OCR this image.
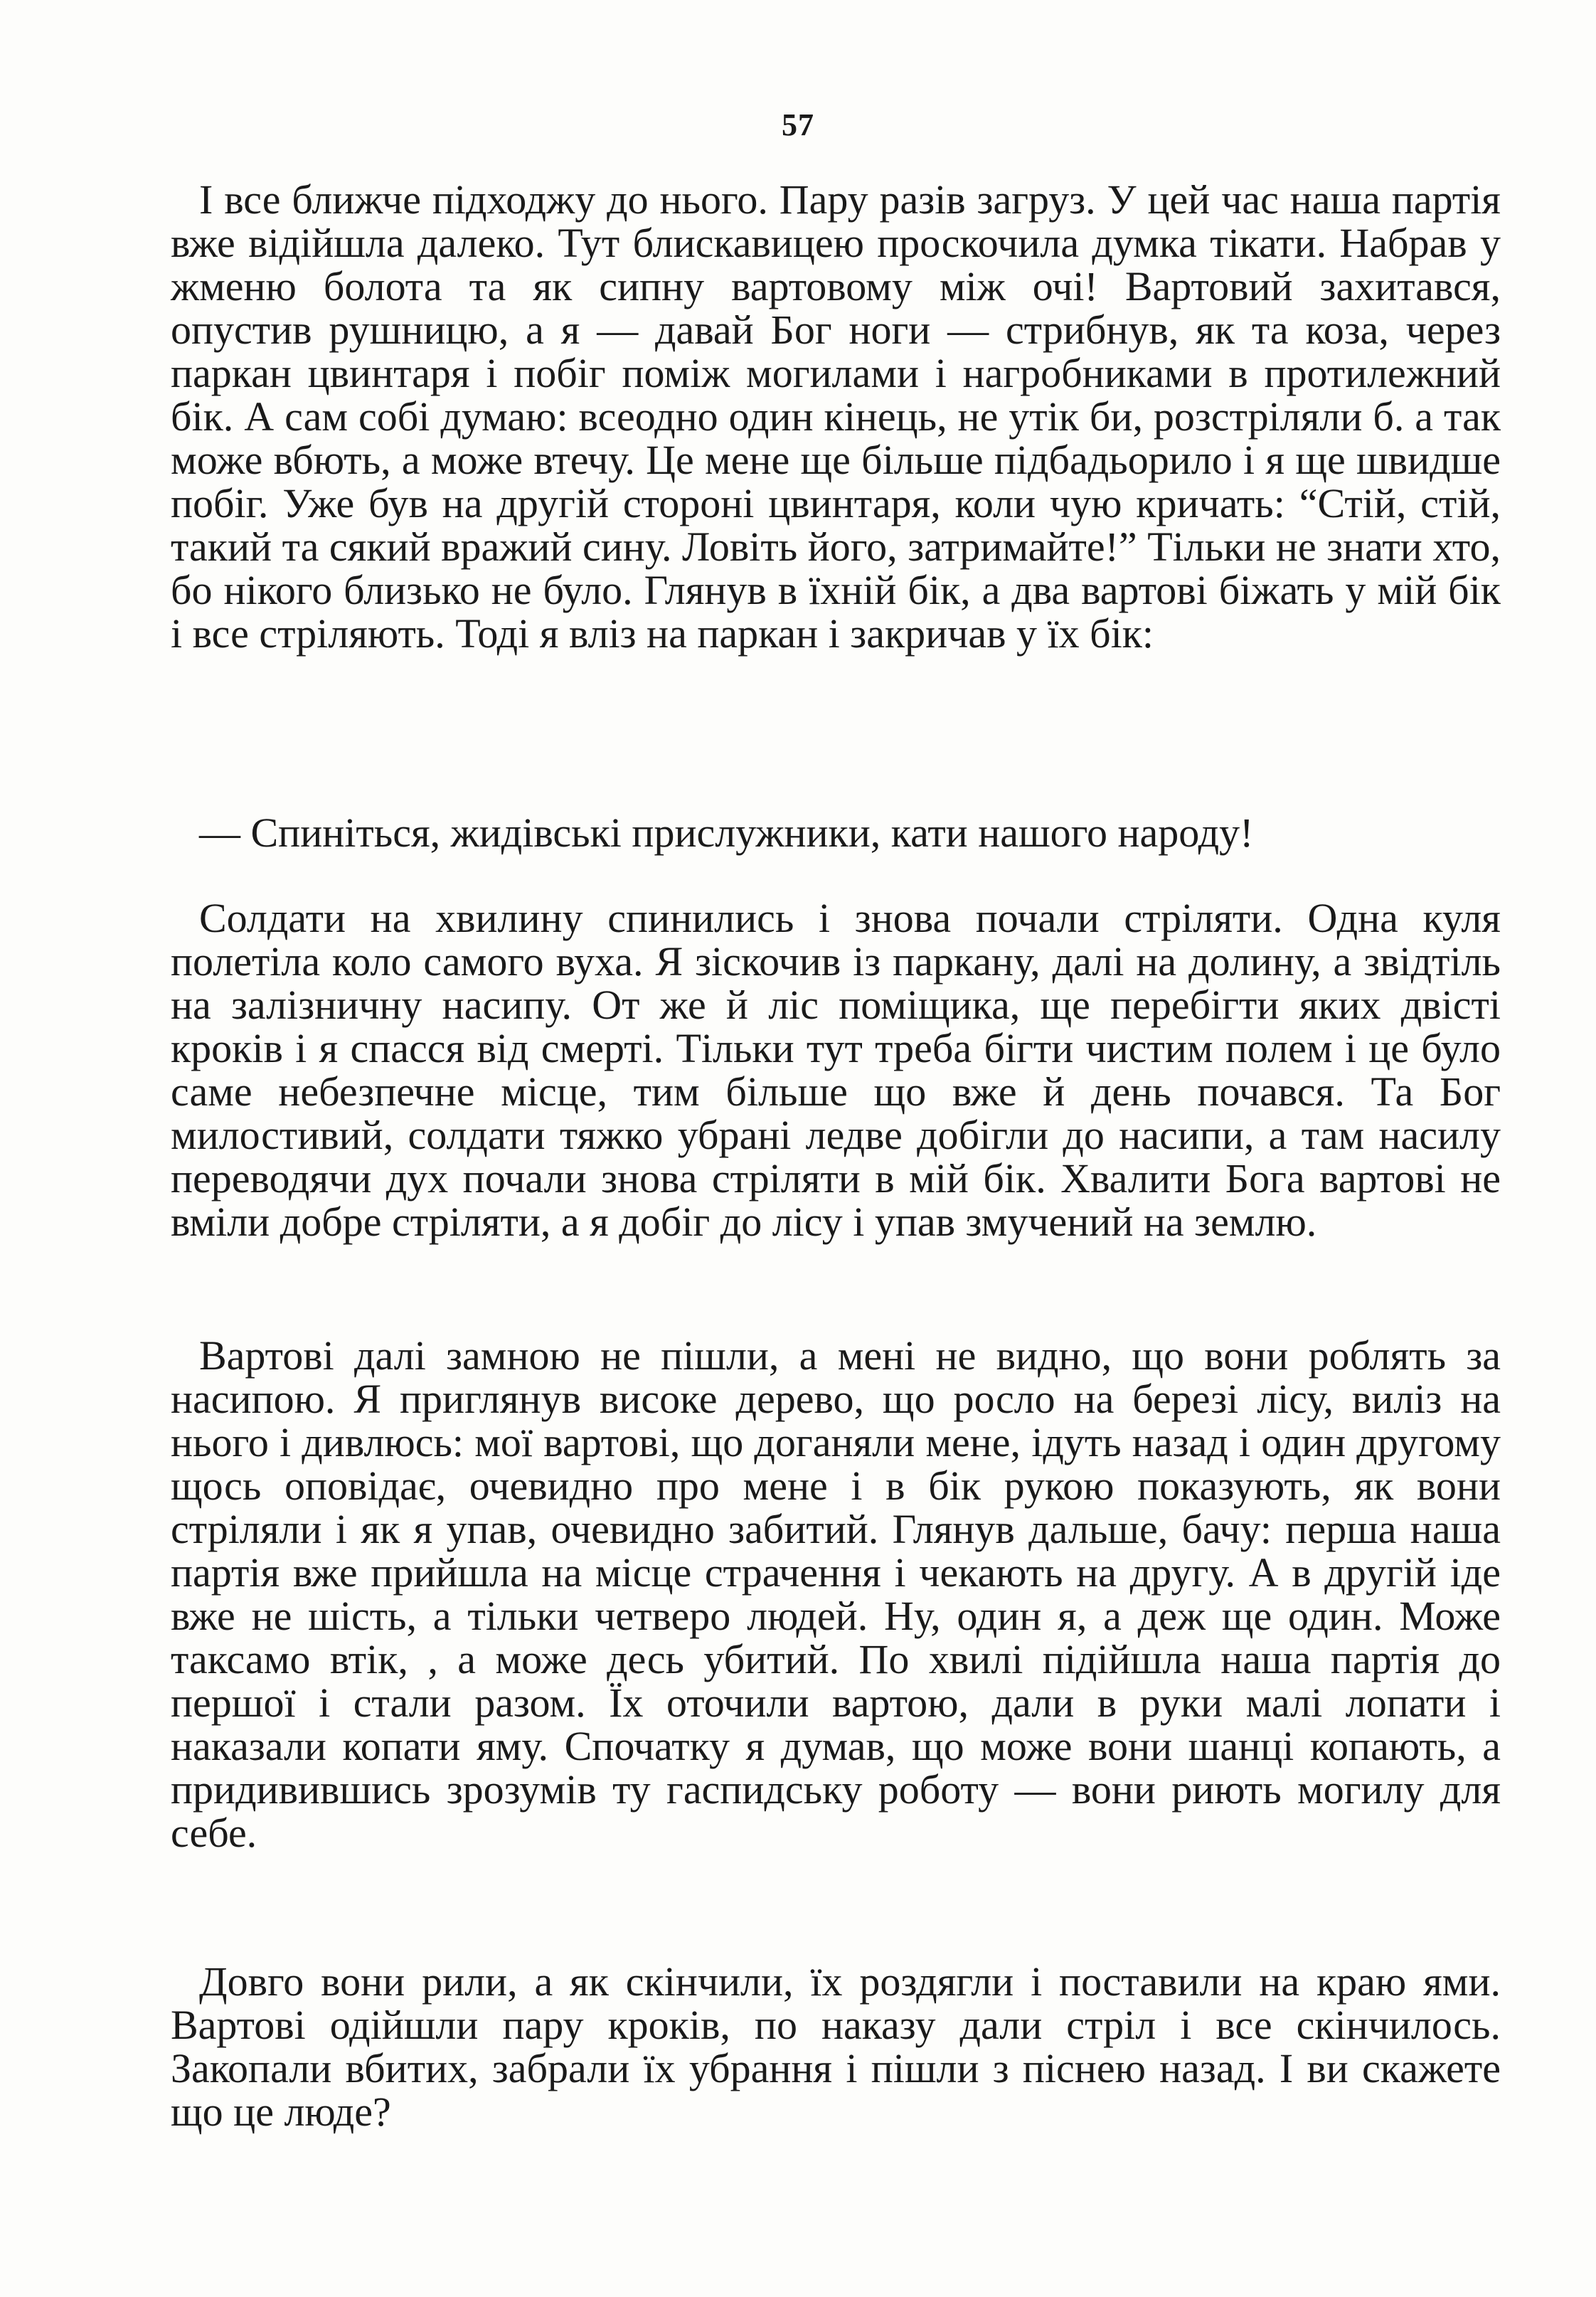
57

І все ближче підходжу до нього. Пару разів загруз. У цей час наша партія вже відійшла далеко. Тут блискавицею проскочила думка тікати. Набрав у жменю болота та як сипну вартовому між очі! Вартовий захитався, опустив рушницю, а я — давай Бог ноги — стрибнув, як та коза, через паркан цвинтаря і побіг поміж могилами і нагробниками в протилежний бік. А сам собі думаю: всеодно один кінець, не утік би, розстріляли б. а так може вбють, а може втечу. Це мене ще більше підбадьорило і я ще швидше побіг. Уже був на другій стороні цвинтаря, коли чую кричать: “Стій, стій, такий та сякий вражий сину. Ловіть його, затримайте!” Тільки не знати хто, бо нікого близько не було. Глянув в їхній бік, а два вартові біжать у мій бік і все стріляють. Тоді я вліз на паркан і закричав у їх бік:

— Спиніться, жидівські прислужники, кати нашого народу!

Солдати на хвилину спинились і знова почали стріляти. Одна куля полетіла коло самого вуха. Я зіскочив із паркану, далі на долину, а звідтіль на залізничну насипу. От же й ліс поміщика, ще перебігти яких двісті кроків і я спасся від смерті. Тільки тут треба бігти чистим полем і це було саме небезпечне місце, тим більше що вже й день почався. Та Бог милостивий, солдати тяжко убрані ледве добігли до насипи, а там насилу переводячи дух почали знова стріляти в мій бік. Хвалити Бога вартові не вміли добре стріляти, а я добіг до лісу і упав змучений на землю.

Вартові далі замною не пішли, а мені не видно, що вони роблять за насипою. Я приглянув високе дерево, що росло на березі лісу, виліз на нього і дивлюсь: мої вартові, що доганяли мене, ідуть назад і один другому щось оповідає, очевидно про мене і в бік рукою показують, як вони стріляли і як я упав, очевидно забитий. Глянув дальше, бачу: перша наша партія вже прийшла на місце страчення і чекають на другу. А в другій іде вже не шість, а тільки четверо людей. Ну, один я, а деж ще один. Може таксамо втік, , а може десь убитий. По хвилі підійшла наша партія до першої і стали разом. Їх оточили вартою, дали в руки малі лопати і наказали копати яму. Спочатку я думав, що може вони шанці копають, а придивившись зрозумів ту гаспидську роботу — вони риють могилу для себе.

Довго вони рили, а як скінчили, їх роздягли і поставили на краю ями. Вартові одійшли пару кроків, по наказу дали стріл і все скінчилось. Закопали вбитих, забрали їх убрання і пішли з піснею назад. І ви скажете що це люде?
